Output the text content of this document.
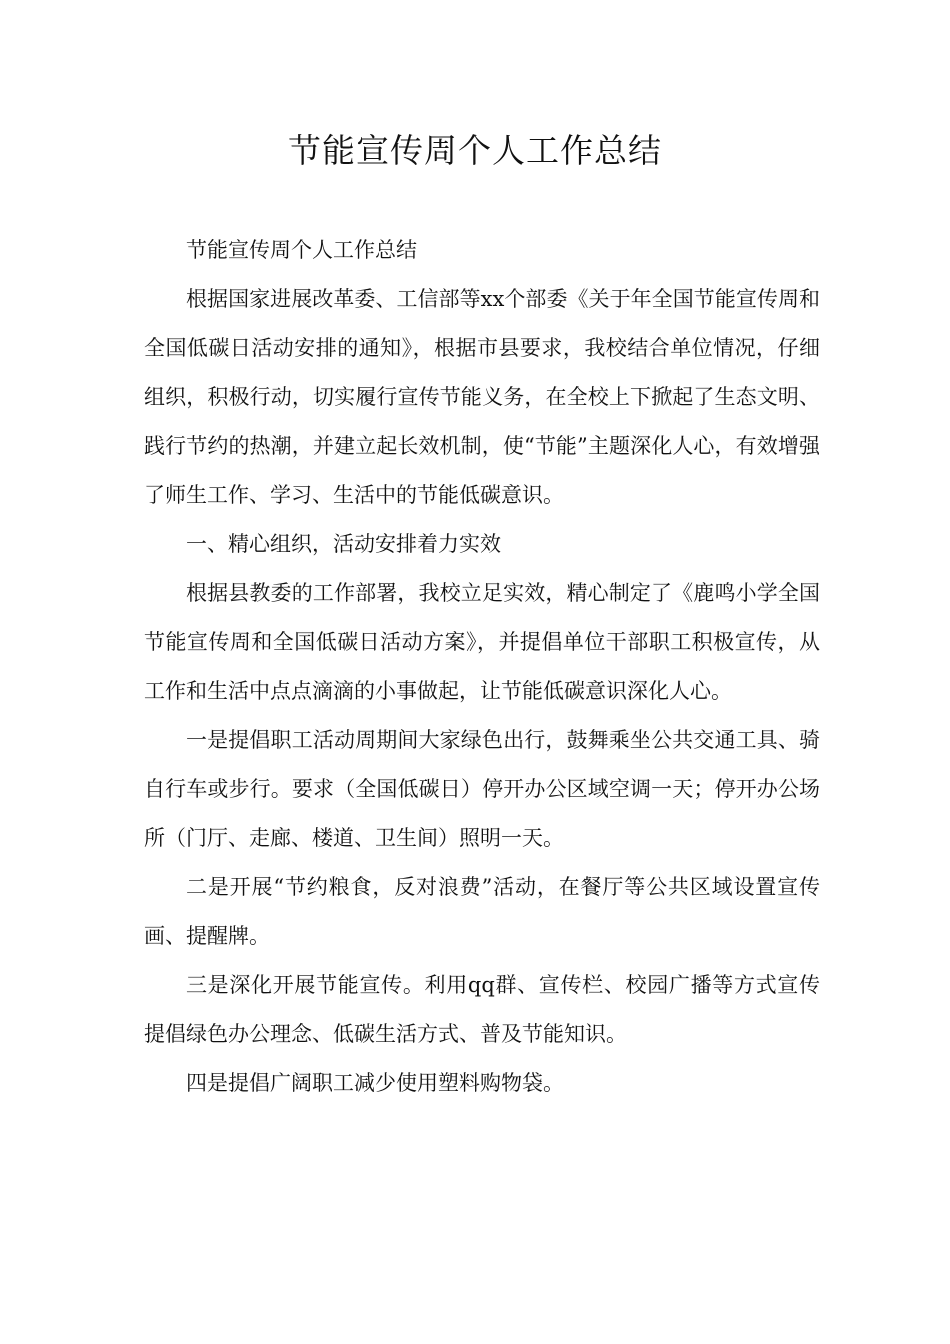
节能宣传周个人工作总结

节能宣传周个人工作总结

根据国家进展改革委、工信部等xx个部委《关于年全国节能宣传周和全国低碳日活动安排的通知》，根据市县要求，我校结合单位情况，仔细组织，积极行动，切实履行宣传节能义务，在全校上下掀起了生态文明、践行节约的热潮，并建立起长效机制，使“节能”主题深化人心，有效增强了师生工作、学习、生活中的节能低碳意识。

一、精心组织，活动安排着力实效

根据县教委的工作部署，我校立足实效，精心制定了《鹿鸣小学全国节能宣传周和全国低碳日活动方案》，并提倡单位干部职工积极宣传，从工作和生活中点点滴滴的小事做起，让节能低碳意识深化人心。

一是提倡职工活动周期间大家绿色出行，鼓舞乘坐公共交通工具、骑自行车或步行。要求（全国低碳日）停开办公区域空调一天；停开办公场所（门厅、走廊、楼道、卫生间）照明一天。

二是开展“节约粮食，反对浪费”活动，在餐厅等公共区域设置宣传画、提醒牌。

三是深化开展节能宣传。利用qq群、宣传栏、校园广播等方式宣传提倡绿色办公理念、低碳生活方式、普及节能知识。

四是提倡广阔职工减少使用塑料购物袋。
